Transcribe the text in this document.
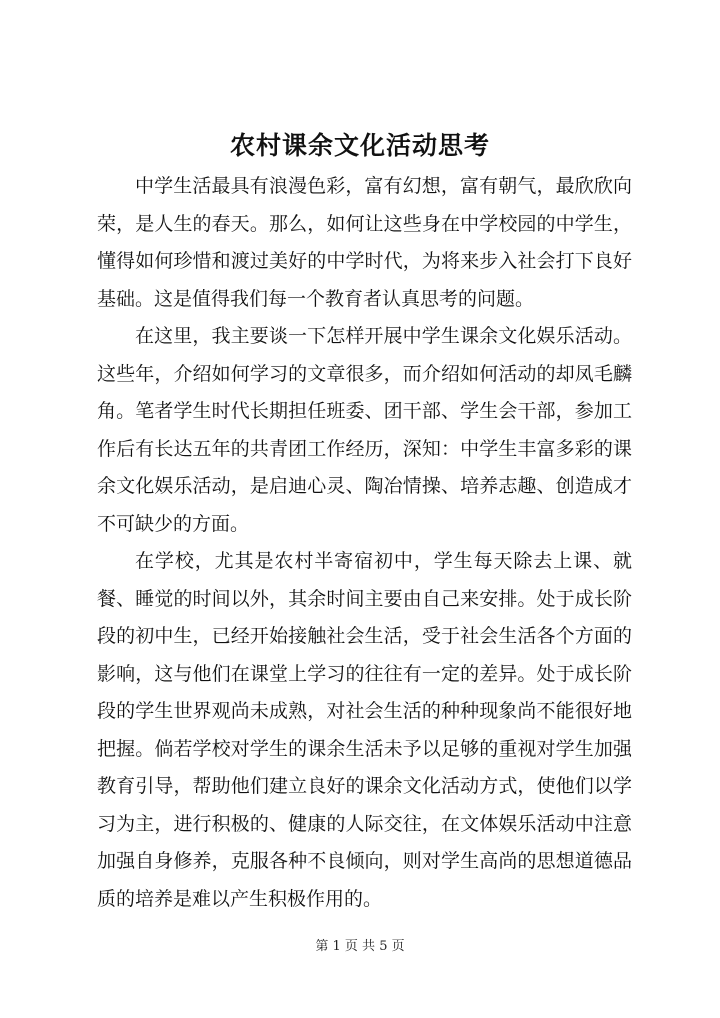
农村课余文化活动思考

中学生活最具有浪漫色彩，富有幻想，富有朝气，最欣欣向荣，是人生的春天。那么，如何让这些身在中学校园的中学生，懂得如何珍惜和渡过美好的中学时代，为将来步入社会打下良好基础。这是值得我们每一个教育者认真思考的问题。

在这里，我主要谈一下怎样开展中学生课余文化娱乐活动。这些年，介绍如何学习的文章很多，而介绍如何活动的却凤毛麟角。笔者学生时代长期担任班委、团干部、学生会干部，参加工作后有长达五年的共青团工作经历，深知：中学生丰富多彩的课余文化娱乐活动，是启迪心灵、陶冶情操、培养志趣、创造成才不可缺少的方面。

在学校，尤其是农村半寄宿初中，学生每天除去上课、就餐、睡觉的时间以外，其余时间主要由自己来安排。处于成长阶段的初中生，已经开始接触社会生活，受于社会生活各个方面的影响，这与他们在课堂上学习的往往有一定的差异。处于成长阶段的学生世界观尚未成熟，对社会生活的种种现象尚不能很好地把握。倘若学校对学生的课余生活未予以足够的重视对学生加强教育引导，帮助他们建立良好的课余文化活动方式，使他们以学习为主，进行积极的、健康的人际交往，在文体娱乐活动中注意加强自身修养，克服各种不良倾向，则对学生高尚的思想道德品质的培养是难以产生积极作用的。

第 1 页 共 5 页
